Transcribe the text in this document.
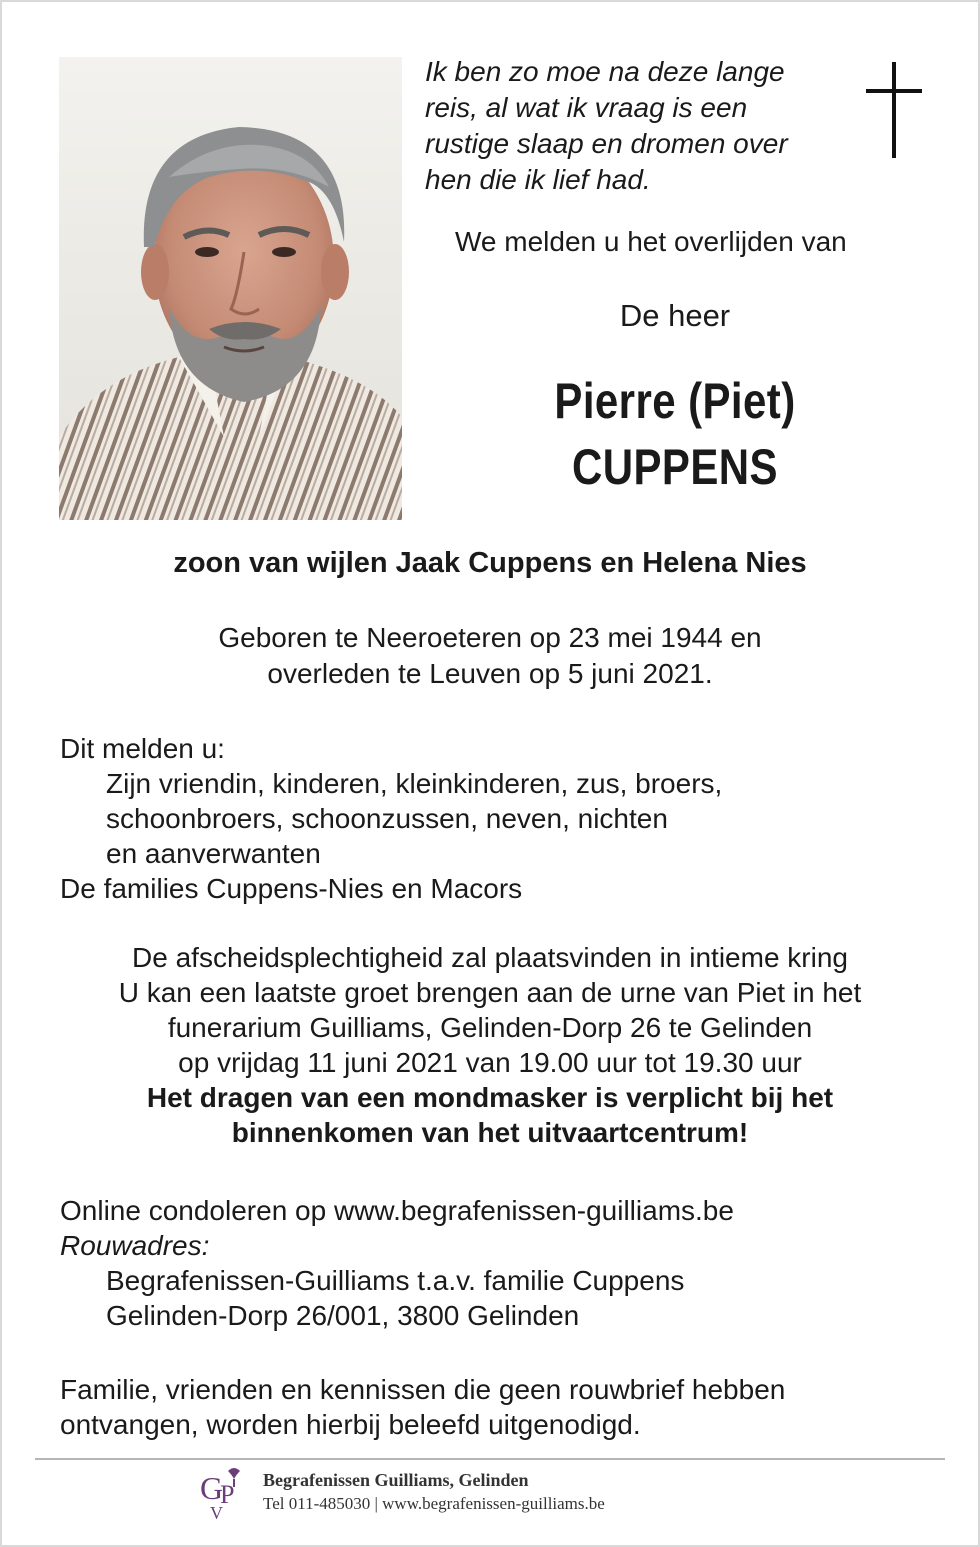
Ik ben zo moe na deze lange
reis, al wat ik vraag is een
rustige slaap en dromen over
hen die ik lief had.
We melden u het overlijden van
De heer
Pierre (Piet)
CUPPENS
zoon van wijlen Jaak Cuppens en Helena Nies
Geboren te Neeroeteren op 23 mei 1944 en
overleden te Leuven op 5 juni 2021.
Dit melden u:
Zijn vriendin, kinderen, kleinkinderen, zus, broers,
schoonbroers, schoonzussen, neven, nichten
en aanverwanten
De families Cuppens-Nies en Macors
De afscheidsplechtigheid zal plaatsvinden in intieme kring
U kan een laatste groet brengen aan de urne van Piet in het
funerarium Guilliams, Gelinden-Dorp 26 te Gelinden
op vrijdag 11 juni 2021 van 19.00 uur tot 19.30 uur
Het dragen van een mondmasker is verplicht bij het
binnenkomen van het uitvaartcentrum!
Online condoleren op www.begrafenissen-guilliams.be
Rouwadres:
Begrafenissen-Guilliams t.a.v. familie Cuppens
Gelinden-Dorp 26/001, 3800 Gelinden
Familie, vrienden en kennissen die geen rouwbrief hebben
ontvangen, worden hierbij beleefd uitgenodigd.
G
P
V
Begrafenissen Guilliams, Gelinden
Tel 011-485030 | www.begrafenissen-guilliams.be
